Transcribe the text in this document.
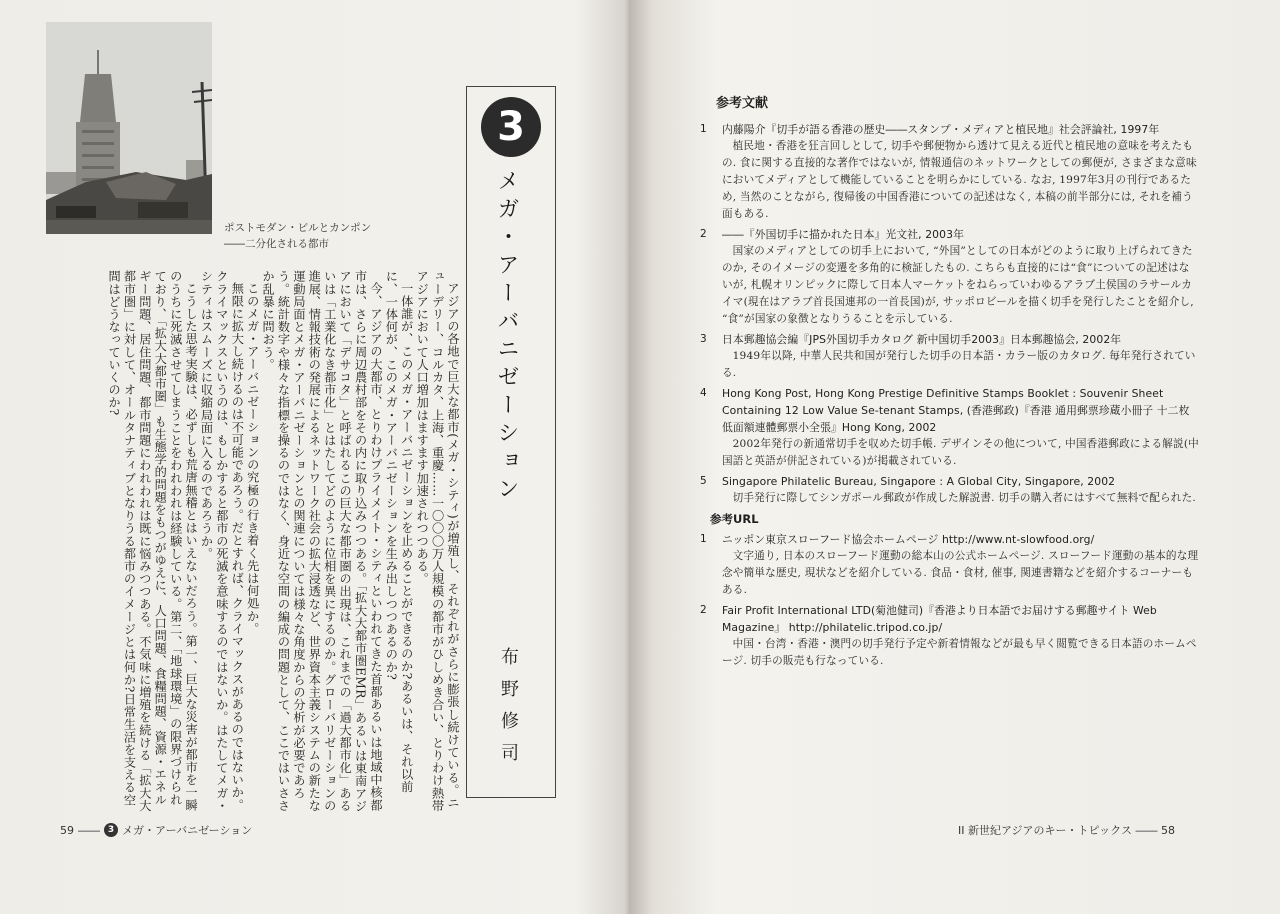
ポストモダン・ビルとカンポン
――二分化される都市
3
メガ・アーバニゼーション
布野修司

アジアの各地で巨大な都市(メガ・シティ)が増殖し、それぞれがさらに膨張し続けている。ニューデリー、コルカタ、上海、重慶……一〇〇〇万人規模の都市がひしめき合い、とりわけ熱帯アジアにおいて人口増加はますます加速されつつある。

一体誰が、このメガ・アーバニゼーションを止めることができるのか?あるいは、それ以前に、一体何が、このメガ・アーバニゼーションを生み出しつつあるのか?

今、アジアの大都市、とりわけプライメイト・シティといわれてきた首都あるいは地域中核都市は、さらに周辺農村部をその内に取り込みつつある。「拡大大都市圏EMR」あるいは東南アジアにおいて「デサコタ」と呼ばれるこの巨大な都市圏の出現は、これまでの「過大都市化」あるいは「工業化なき都市化」とはたしてどのように位相を異にするのか。グローバリゼーションの進展、情報技術の発展によるネットワーク社会の拡大浸透など、世界資本主義システムの新たな運動局面とメガ・アーバニゼーションとの関連については様々な角度からの分析が必要であろう。統計数字や様々な指標を操るのではなく、身近な空間の編成の問題として、ここではいささか乱暴に問おう。

このメガ・アーバニゼーションの究極の行き着く先は何処か。

無限に拡大し続けるのは不可能であろう。だとすれば、クライマックスがあるのではないか。クライマックスというのは、もしかすると都市の死滅を意味するのではないか。はたしてメガ・シティはスムーズに収縮局面に入るのであろうか。

こうした思考実験は、必ずしも荒唐無稽とはいえないだろう。第一、巨大な災害が都市を一瞬のうちに死滅させてしまうことをわれわれは経験している。第二、「地球環境」の限界づけられており、「拡大大都市圏」も生態学的問題をもつがゆえに、人口問題、食糧問題、資源・エネルギー問題、居住問題、都市問題にわれわれは既に悩みつつある。不気味に増殖を続ける「拡大大都市圏」に対して、オールタナティブとなりうる都市のイメージとは何か?日常生活を支える空間はどうなっていくのか?

59 ―― 3 メガ・アーバニゼーション
参考文献
1	内藤陽介『切手が語る香港の歴史――スタンプ・メディアと植民地』社会評論社, 1997年
植民地・香港を狂言回しとして, 切手や郵便物から透けて見える近代と植民地の意味を考えたもの. 食に関する直接的な著作ではないが, 情報通信のネットワークとしての郵便が, さまざまな意味においてメディアとして機能していることを明らかにしている. なお, 1997年3月の刊行であるため, 当然のことながら, 復帰後の中国香港についての記述はなく, 本稿の前半部分には, それを補う面もある.
2	――『外国切手に描かれた日本』光文社, 2003年
国家のメディアとしての切手上において, “外国”としての日本がどのように取り上げられてきたのか, そのイメージの変遷を多角的に検証したもの. こちらも直接的には“食”についての記述はないが, 札幌オリンピックに際して日本人マーケットをねらっていわゆるアラブ土侯国のラサールカイマ(現在はアラブ首長国連邦の一首長国)が, サッポロビールを描く切手を発行したことを紹介し, “食”が国家の象徴となりうることを示している.
3	日本郵趣協会編『JPS外国切手カタログ 新中国切手2003』日本郵趣協会, 2002年
1949年以降, 中華人民共和国が発行した切手の日本語・カラー版のカタログ. 毎年発行されている.
4	Hong Kong Post, Hong Kong Prestige Definitive Stamps Booklet : Souvenir Sheet Containing 12 Low Value Se-tenant Stamps, (香港郵政)『香港 通用郵票珍蔵小冊子 十二枚低面額連體郵票小全張』Hong Kong, 2002
2002年発行の新通常切手を収めた切手帳. デザインその他について, 中国香港郵政による解説(中国語と英語が併記されている)が掲載されている.
5	Singapore Philatelic Bureau, Singapore : A Global City, Singapore, 2002
切手発行に際してシンガポール郵政が作成した解説書. 切手の購入者にはすべて無料で配られた.
参考URL
1	ニッポン東京スローフード協会ホームページ http://www.nt-slowfood.org/
文字通り, 日本のスローフード運動の総本山の公式ホームページ. スローフード運動の基本的な理念や簡単な歴史, 現状などを紹介している. 食品・食材, 催事, 関連書籍などを紹介するコーナーもある.
2	Fair Profit International LTD(菊池健司)『香港より日本語でお届けする郵趣サイト Web Magazine』 http://philatelic.tripod.co.jp/
中国・台湾・香港・澳門の切手発行予定や新着情報などが最も早く閲覧できる日本語のホームページ. 切手の販売も行なっている.
II 新世紀アジアのキー・トピックス ―― 58
